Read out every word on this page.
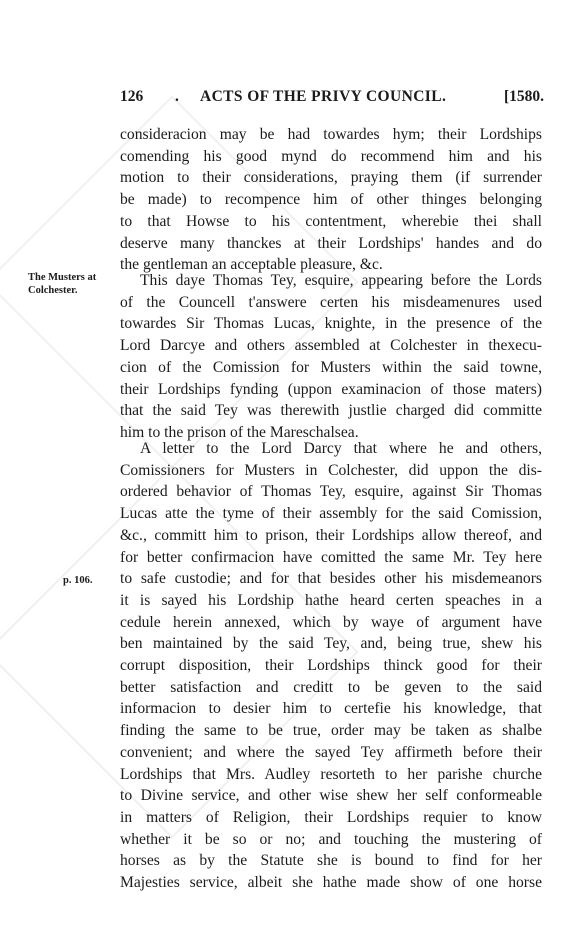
126 . ACTS OF THE PRIVY COUNCIL.	[1580.
consideracion may be had towardes hym; their Lordships
comending his good mynd do recommend him and his
motion to their considerations, praying them (if surrender
be made) to recompence him of other thinges belonging
to that Howse to his contentment, wherebie thei shall
deserve many thanckes at their Lordships' handes and do
the gentleman an acceptable pleasure, &c.
The Musters at Colchester.
This daye Thomas Tey, esquire, appearing before the Lords
of the Councell t'answere certen his misdeamenures used
towardes Sir Thomas Lucas, knighte, in the presence of the
Lord Darcye and others assembled at Colchester in thexecu-
cion of the Comission for Musters within the said towne,
their Lordships fynding (uppon examinacion of those maters)
that the said Tey was therewith justlie charged did committe
him to the prison of the Mareschalsea.
p. 106.
A letter to the Lord Darcy that where he and others,
Comissioners for Musters in Colchester, did uppon the dis-
ordered behavior of Thomas Tey, esquire, against Sir Thomas
Lucas atte the tyme of their assembly for the said Comission,
&c., committ him to prison, their Lordships allow thereof, and
for better confirmacion have comitted the same Mr. Tey here
to safe custodie; and for that besides other his misdemeanors
it is sayed his Lordship hathe heard certen speaches in a
cedule herein annexed, which by waye of argument have
ben maintained by the said Tey, and, being true, shew his
corrupt disposition, their Lordships thinck good for their
better satisfaction and creditt to be geven to the said
informacion to desier him to certefie his knowledge, that
finding the same to be true, order may be taken as shalbe
convenient; and where the sayed Tey affirmeth before their
Lordships that Mrs. Audley resorteth to her parishe churche
to Divine service, and other wise shew her self conformeable
in matters of Religion, their Lordships requier to know
whether it be so or no; and touching the mustering of
horses as by the Statute she is bound to find for her
Majesties service, albeit she hathe made show of one horse
